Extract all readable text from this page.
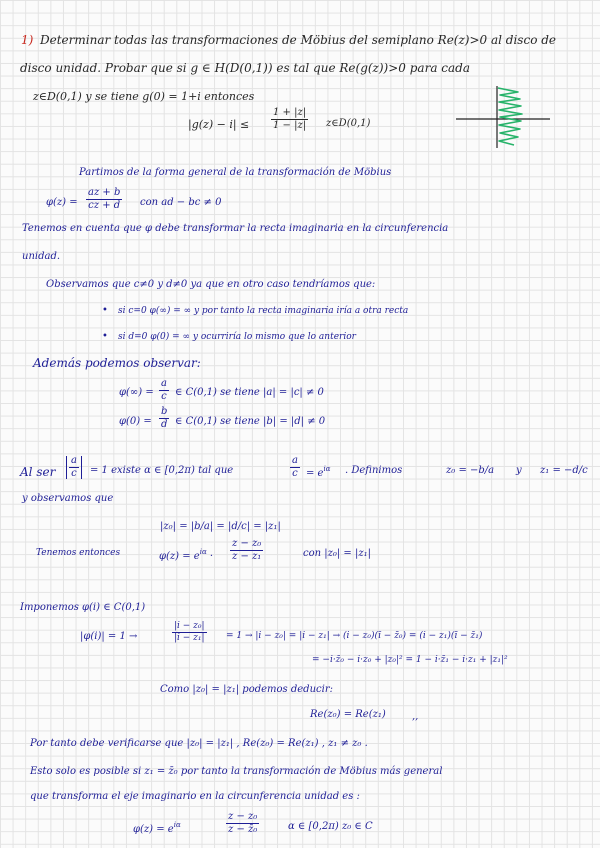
1) Determinar todas las transformaciones de Möbius del semiplano Re(z)>0 al disco de
disco unidad. Probar que si g ∈ H(D(0,1)) es tal que Re(g(z))>0 para cada
z∈D(0,1) y se tiene g(0) = 1+i entonces
$|g(z) - i| \le \frac{1 + |z|}{1 - |z|}$ z∈D(0,1)
Partimos de la forma general de la transformación de Möbius
$\varphi(z) = \frac{az + b}{cz + d}$ con ad − bc ≠ 0
Tenemos en cuenta que φ debe transformar la recta imaginaria en la circunferencia
unidad.
Observamos que c≠0 y d≠0 ya que en otro caso tendríamos que:
• si c=0 φ(∞) = ∞ y por tanto la recta imaginaria iría a otra recta
• si d=0 φ(0) = ∞ y ocurriría lo mismo que lo anterior
Además podemos observar:
$\varphi(\infty) = \frac{a}{c}$ ∈ C(0,1) se tiene |a| = |c| ≠ 0
$\varphi(0) = \frac{b}{d}$ ∈ C(0,1) se tiene |b| = |d| ≠ 0
Al ser $\frac{a}{c} = 1$ existe α ∈ [0,2π) tal que	$\frac{a}{c} = e^{i\alpha}$ . Definimos	z₀ = −b/a y z₁ = −d/c
y observamos que
|z₀| = |b/a| = |d/c| = |z₁|
Tenemos entonces	$\varphi(z) = e^{i\alpha} \cdot \frac{\text{z − z₀}}{\text{z − z₁}}$	con |z₀| = |z₁|
Imponemos φ(i) ∈ C(0,1)
|φ(i)| = 1 →	$\frac{\text{|i − z₀|}}{\text{|i − z₁|}} = 1 \to |i - z_0| = |i - z_1| \to (i$ − z₀)(ī − z̄₀) = (i − z₁)(ī − z̄₁)
= −i·z̄₀ − i·z₀ + |z₀|² = 1 − i·z̄₁ − i·z₁ + |z₁|²
Como |z₀| = |z₁| podemos deducir:
Re(z₀) = Re(z₁)	,,
Por tanto debe verificarse que |z₀| = |z₁| , Re(z₀) = Re(z₁) , z₁ ≠ z₀ .
Esto solo es posible si z₁ = z̄₀ por tanto la transformación de Möbius más general
que transforma el eje imaginario en la circunferencia unidad es :
$\varphi(z) = e^{i\alpha}$	$\frac{\text{z − z₀}}{\text{z − z̄₀}}$	α ∈ [0,2π) z₀ ∈ C
